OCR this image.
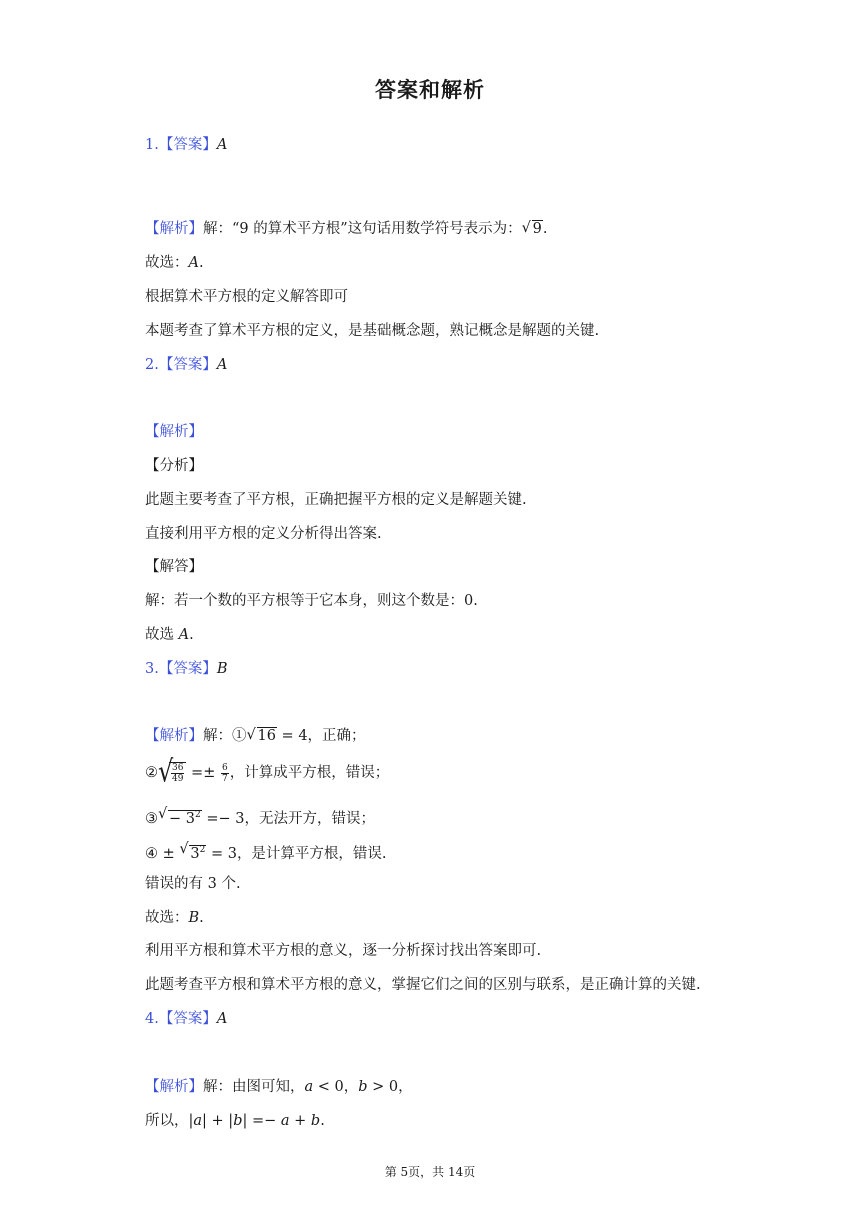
答案和解析
1.【答案】A
【解析】解：“9 的算术平方根”这句话用数学符号表示为： √ 9.
故选：A.
根据算术平方根的定义解答即可
本题考查了算术平方根的定义，是基础概念题，熟记概念是解题的关键.
2.【答案】A
【解析】
【分析】
此题主要考查了平方根，正确把握平方根的定义是解题关键.
直接利用平方根的定义分析得出答案.
【解答】
解：若一个数的平方根等于它本身，则这个数是：0.
故选 A.
3.【答案】B
【解析】解：① √ 16 = 4，正确；
② √ $\frac{36}{49} =\pm \frac{6}{7}$ ，计算成平方根，错误；
③ √ − $3^2 =- 3$，无法开方，错误；
④ ± √ $3^2 = 3$，是计算平方根，错误.
错误的有 3 个.
故选：B.
利用平方根和算术平方根的意义，逐一分析探讨找出答案即可.
此题考查平方根和算术平方根的意义，掌握它们之间的区别与联系，是正确计算的关键.
4.【答案】A
【解析】解：由图可知，a < 0，b > 0，
所以，|a| + |b| =− a + b.
第 5页，共 14页
